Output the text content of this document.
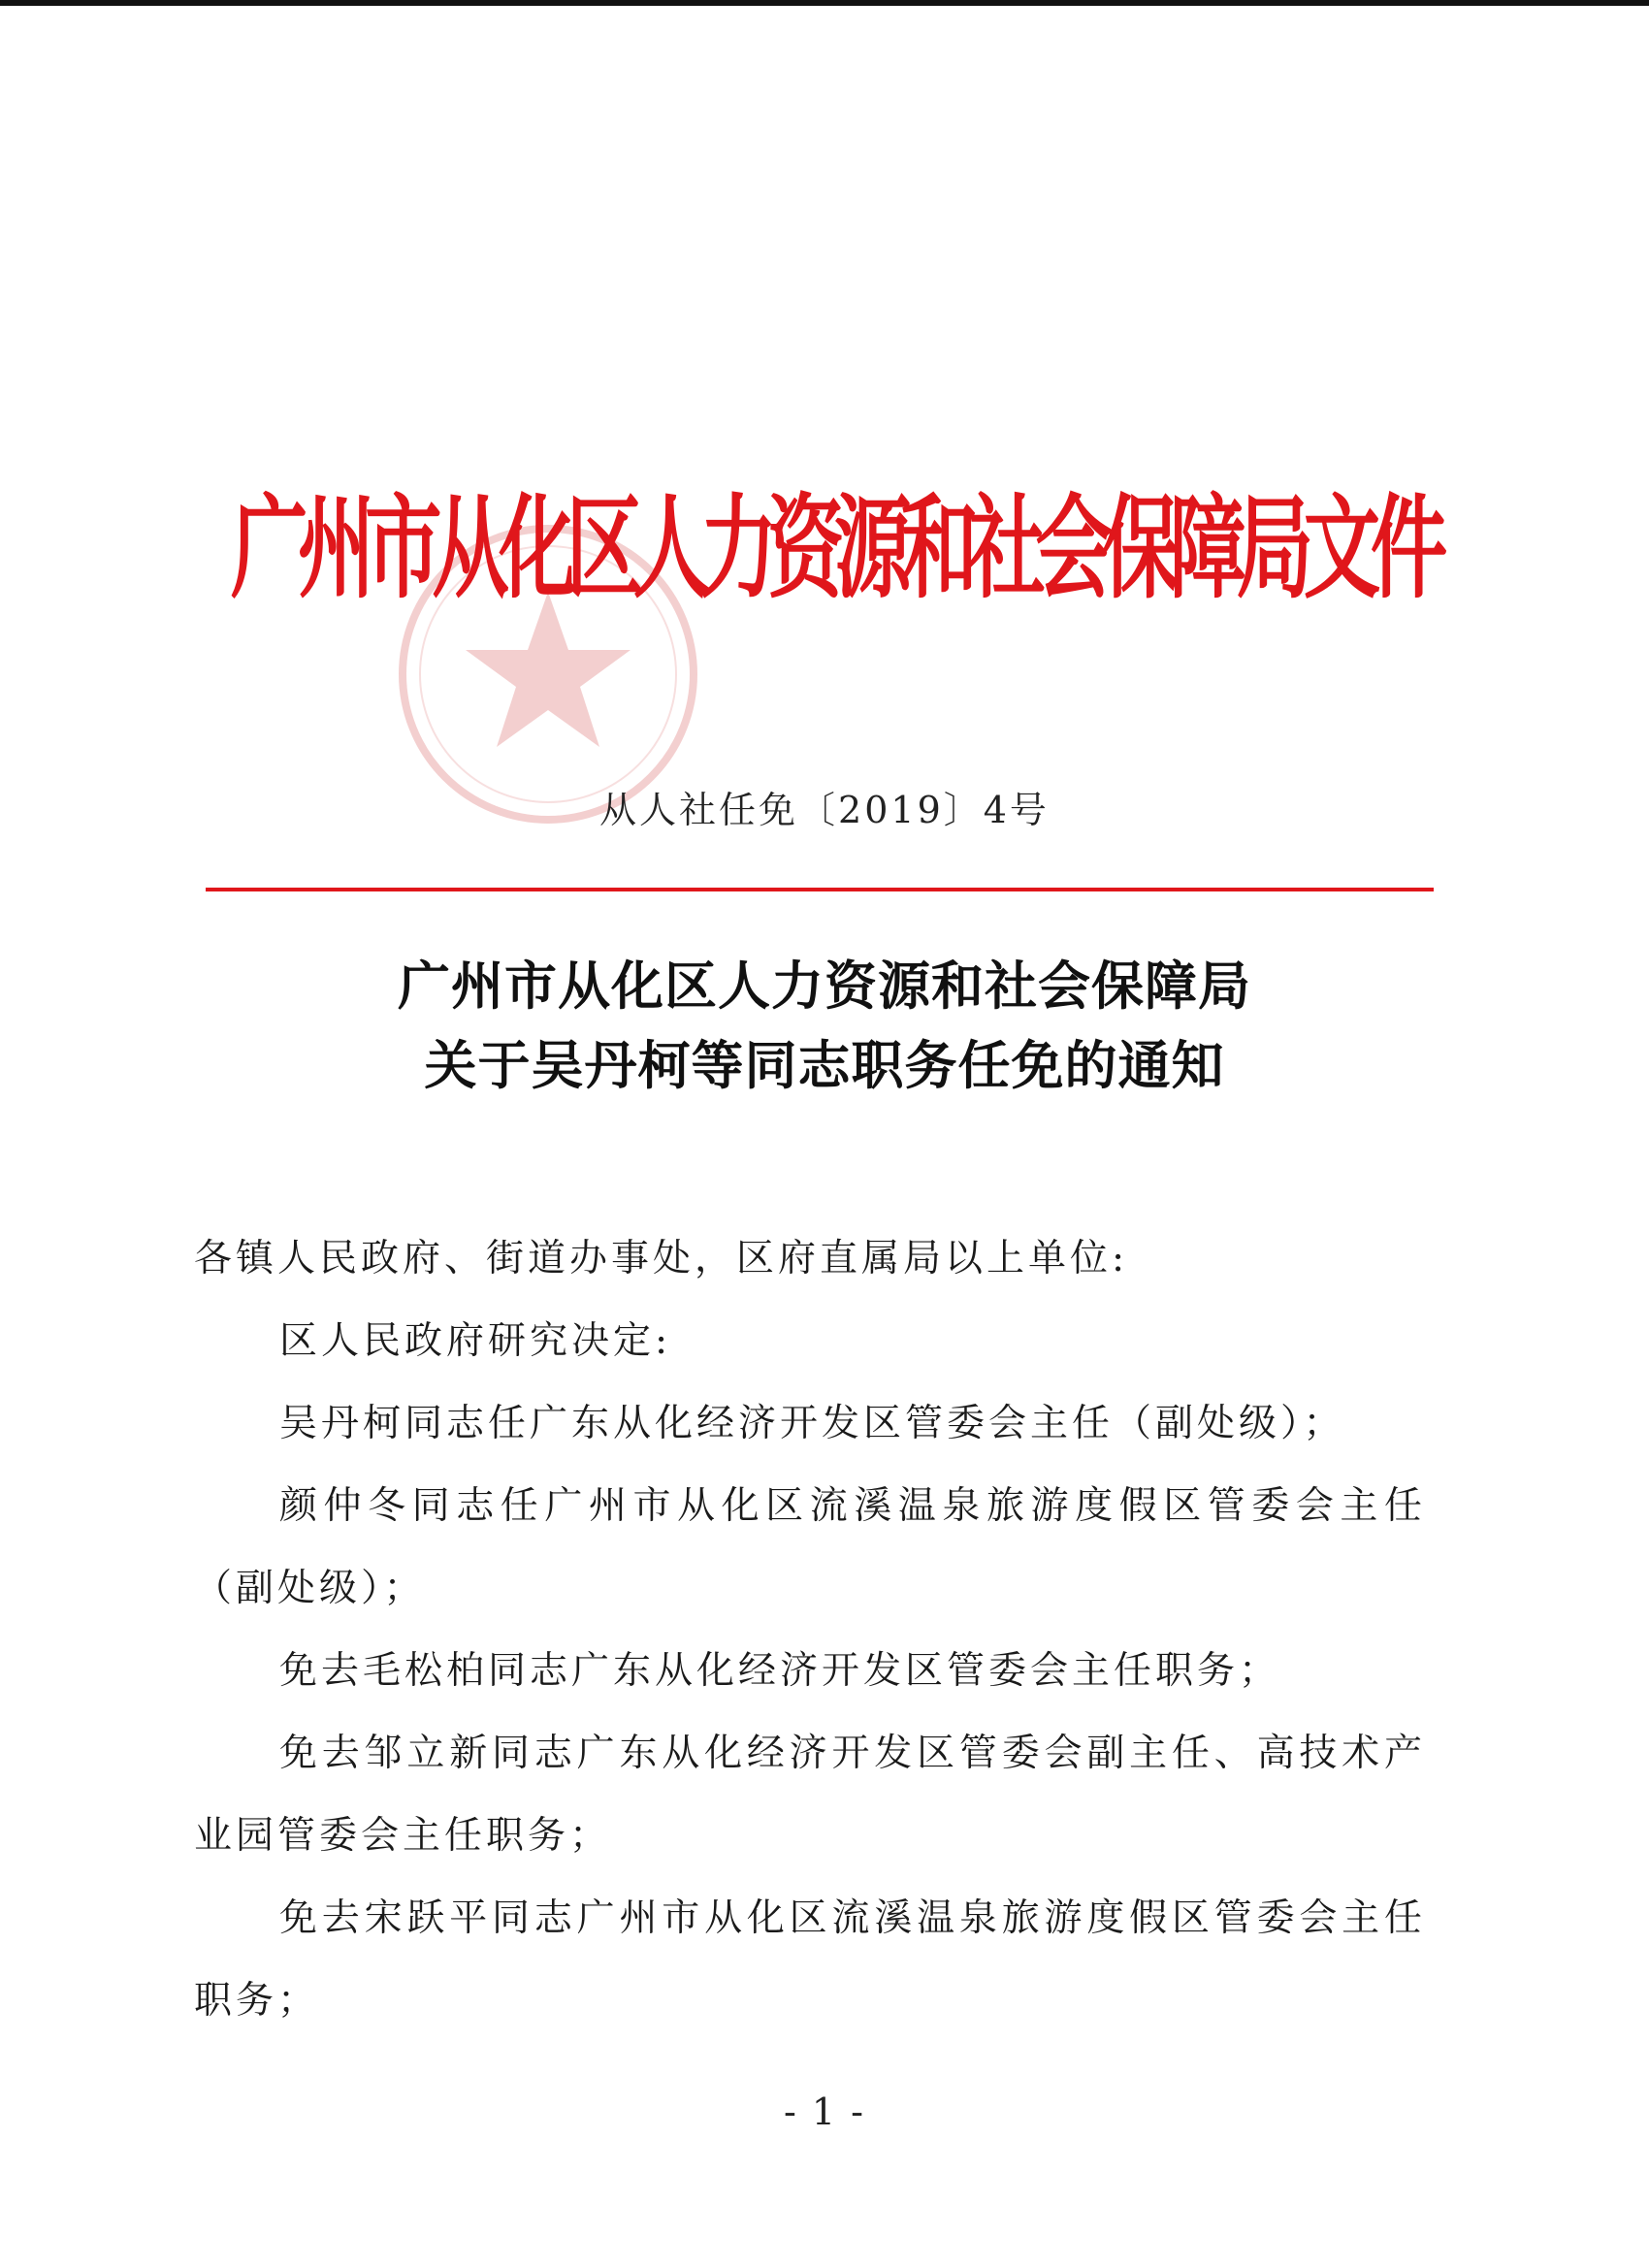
广州市从化区人力资源和社会保障局文件
从人社任免〔2019〕4号
广州市从化区人力资源和社会保障局
关于吴丹柯等同志职务任免的通知

各镇人民政府、街道办事处，区府直属局以上单位:

区人民政府研究决定:

吴丹柯同志任广东从化经济开发区管委会主任（副处级）；

颜仲冬同志任广州市从化区流溪温泉旅游度假区管委会主任（副处级）；

免去毛松柏同志广东从化经济开发区管委会主任职务；

免去邹立新同志广东从化经济开发区管委会副主任、高技术产业园管委会主任职务；

免去宋跃平同志广州市从化区流溪温泉旅游度假区管委会主任职务；

- 1 -
